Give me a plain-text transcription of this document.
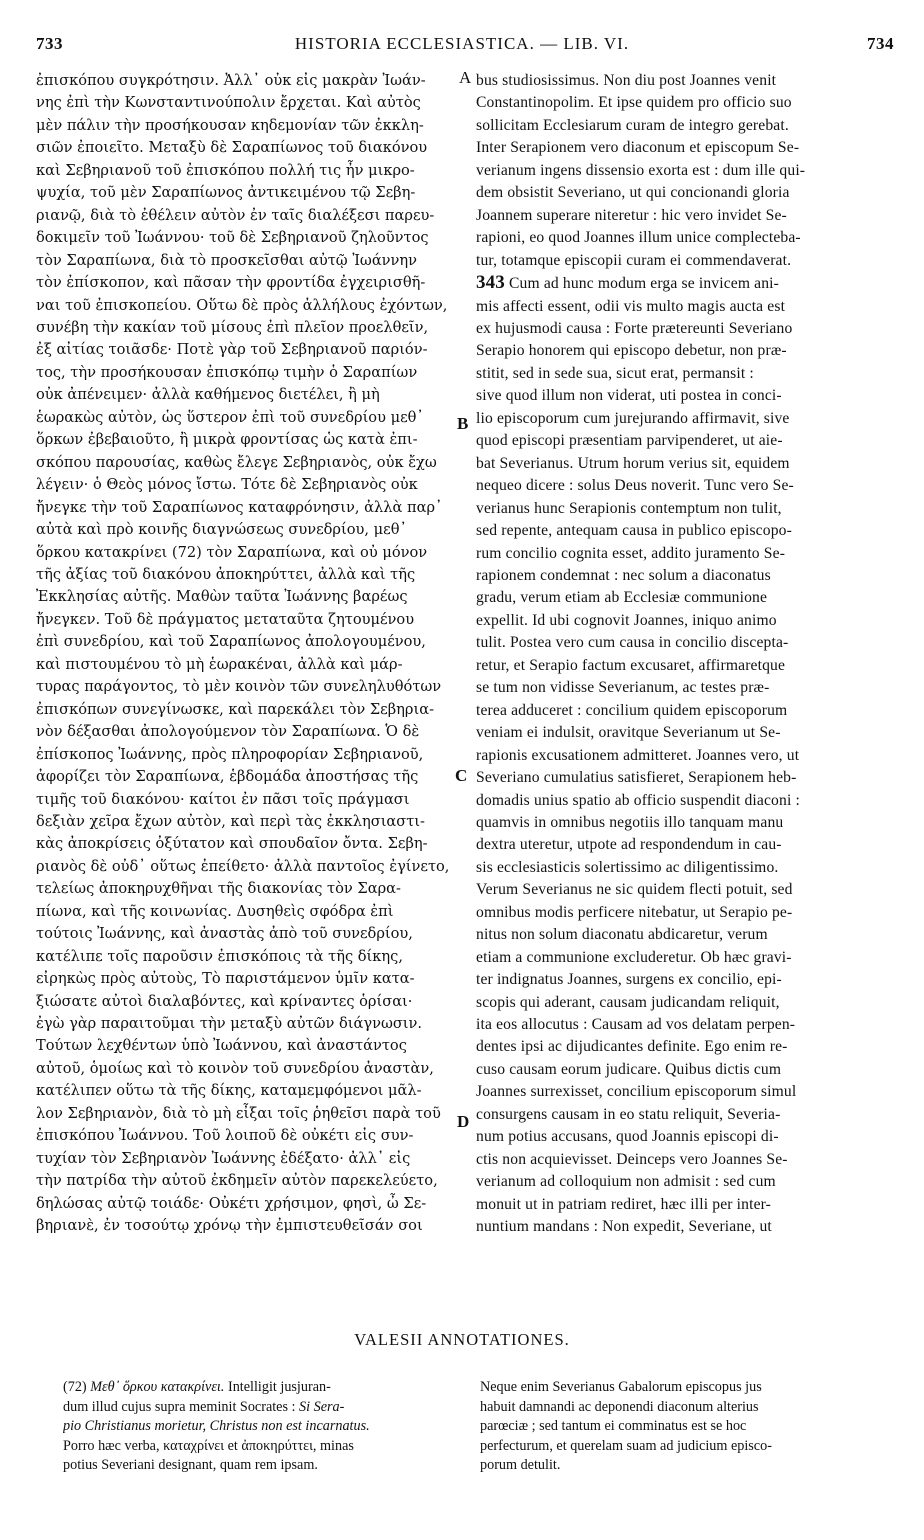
733	HISTORIA ECCLESIASTICA. — LIB. VI.	734
ἐπισκόπου συγκρότησιν. Ἀλλ᾽ οὐκ εἰς μακρὰν Ἰωάν-
νης ἐπὶ τὴν Κωνσταντινούπολιν ἔρχεται. Καὶ αὐτὸς
μὲν πάλιν τὴν προσήκουσαν κηδεμονίαν τῶν ἐκκλη-
σιῶν ἐποιεῖτο. Μεταξὺ δὲ Σαραπίωνος τοῦ διακόνου
καὶ Σεβηριανοῦ τοῦ ἐπισκόπου πολλή τις ἦν μικρο-
ψυχία, τοῦ μὲν Σαραπίωνος ἀντικειμένου τῷ Σεβη-
ριανῷ, διὰ τὸ ἐθέλειν αὐτὸν ἐν ταῖς διαλέξεσι παρευ-
δοκιμεῖν τοῦ Ἰωάννου· τοῦ δὲ Σεβηριανοῦ ζηλοῦντος
τὸν Σαραπίωνα, διὰ τὸ προσκεῖσθαι αὐτῷ Ἰωάννην
τὸν ἐπίσκοπον, καὶ πᾶσαν τὴν φροντίδα ἐγχειρισθῆ-
ναι τοῦ ἐπισκοπείου. Οὕτω δὲ πρὸς ἀλλήλους ἐχόντων,
συνέβη τὴν κακίαν τοῦ μίσους ἐπὶ πλεῖον προελθεῖν,
ἐξ αἰτίας τοιᾶσδε· Ποτὲ γὰρ τοῦ Σεβηριανοῦ παριόν-
τος, τὴν προσήκουσαν ἐπισκόπῳ τιμὴν ὁ Σαραπίων
οὐκ ἀπένειμεν· ἀλλὰ καθήμενος διετέλει, ἢ μὴ
ἑωρακὼς αὐτὸν, ὡς ὕστερον ἐπὶ τοῦ συνεδρίου μεθ᾽
ὅρκων ἐβεβαιοῦτο, ἢ μικρὰ φροντίσας ὡς κατὰ ἐπι-
σκόπου παρουσίας, καθὼς ἔλεγε Σεβηριανὸς, οὐκ ἔχω
λέγειν· ὁ Θεὸς μόνος ἴστω. Τότε δὲ Σεβηριανὸς οὐκ
ἤνεγκε τὴν τοῦ Σαραπίωνος καταφρόνησιν, ἀλλὰ παρ᾽
αὐτὰ καὶ πρὸ κοινῆς διαγνώσεως συνεδρίου, μεθ᾽
ὅρκου κατακρίνει (72) τὸν Σαραπίωνα, καὶ οὐ μόνον
τῆς ἀξίας τοῦ διακόνου ἀποκηρύττει, ἀλλὰ καὶ τῆς
Ἐκκλησίας αὐτῆς. Μαθὼν ταῦτα Ἰωάννης βαρέως
ἤνεγκεν. Τοῦ δὲ πράγματος μεταταῦτα ζητουμένου
ἐπὶ συνεδρίου, καὶ τοῦ Σαραπίωνος ἀπολογουμένου,
καὶ πιστουμένου τὸ μὴ ἑωρακέναι, ἀλλὰ καὶ μάρ-
τυρας παράγοντος, τὸ μὲν κοινὸν τῶν συνεληλυθότων
ἐπισκόπων συνεγίνωσκε, καὶ παρεκάλει τὸν Σεβηρια-
νὸν δέξασθαι ἀπολογούμενον τὸν Σαραπίωνα. Ὁ δὲ
ἐπίσκοπος Ἰωάννης, πρὸς πληροφορίαν Σεβηριανοῦ,
ἀφορίζει τὸν Σαραπίωνα, ἑβδομάδα ἀποστήσας τῆς
τιμῆς τοῦ διακόνου· καίτοι ἐν πᾶσι τοῖς πράγμασι
δεξιὰν χεῖρα ἔχων αὐτὸν, καὶ περὶ τὰς ἐκκλησιαστι-
κὰς ἀποκρίσεις ὀξύτατον καὶ σπουδαῖον ὄντα. Σεβη-
ριανὸς δὲ οὐδ᾽ οὕτως ἐπείθετο· ἀλλὰ παντοῖος ἐγίνετο,
τελείως ἀποκηρυχθῆναι τῆς διακονίας τὸν Σαρα-
πίωνα, καὶ τῆς κοινωνίας. Δυσηθεὶς σφόδρα ἐπὶ
τούτοις Ἰωάννης, καὶ ἀναστὰς ἀπὸ τοῦ συνεδρίου,
κατέλιπε τοῖς παροῦσιν ἐπισκόποις τὰ τῆς δίκης,
εἰρηκὼς πρὸς αὐτοὺς, Τὸ παριστάμενον ὑμῖν κατα-
ξιώσατε αὐτοὶ διαλαβόντες, καὶ κρίναντες ὁρίσαι·
ἐγὼ γὰρ παραιτοῦμαι τὴν μεταξὺ αὐτῶν διάγνωσιν.
Τούτων λεχθέντων ὑπὸ Ἰωάννου, καὶ ἀναστάντος
αὐτοῦ, ὁμοίως καὶ τὸ κοινὸν τοῦ συνεδρίου ἀναστὰν,
κατέλιπεν οὕτω τὰ τῆς δίκης, καταμεμφόμενοι μᾶλ-
λον Σεβηριανὸν, διὰ τὸ μὴ εἶξαι τοῖς ῥηθεῖσι παρὰ τοῦ
ἐπισκόπου Ἰωάννου. Τοῦ λοιποῦ δὲ οὐκέτι εἰς συν-
τυχίαν τὸν Σεβηριανὸν Ἰωάννης ἐδέξατο· ἀλλ᾽ εἰς
τὴν πατρίδα τὴν αὐτοῦ ἐκδημεῖν αὐτὸν παρεκελεύετο,
δηλώσας αὐτῷ τοιάδε· Οὐκέτι χρήσιμον, φησὶ, ὦ Σε-
βηριανὲ, ἐν τοσούτῳ χρόνῳ τὴν ἐμπιστευθεῖσάν σοι
A
B
C
D
bus studiosissimus. Non diu post Joannes venit
Constantinopolim. Et ipse quidem pro officio suo
sollicitam Ecclesiarum curam de integro gerebat.
Inter Serapionem vero diaconum et episcopum Se-
verianum ingens dissensio exorta est : dum ille qui-
dem obsistit Severiano, ut qui concionandi gloria
Joannem superare niteretur : hic vero invidet Se-
rapioni, eo quod Joannes illum unice complectebа-
tur, totamque episcopii curam ei commendaverat.
343 Cum ad hunc modum erga se invicem ani-
mis affecti essent, odii vis multo magis aucta est
ex hujusmodi causa : Forte prætereunti Severiano
Serapio honorem qui episcopo debetur, non præ-
stitit, sed in sede sua, sicut erat, permansit :
sive quod illum non viderat, uti postea in conci-
lio episcoporum cum jurejurando affirmavit, sive
quod episcopi præsentiam parvipenderet, ut aie-
bat Severianus. Utrum horum verius sit, equidem
nequeo dicere : solus Deus noverit. Tunc vero Se-
verianus hunc Serapionis contemptum non tulit,
sed repente, antequam causa in publico episcopo-
rum concilio cognita esset, addito juramento Se-
rapionem condemnat : nec solum a diaconatus
gradu, verum etiam ab Ecclesiæ communione
expellit. Id ubi cognovit Joannes, iniquo animo
tulit. Postea vero cum causa in concilio discepta-
retur, et Serapio factum excusaret, affirmaretque
se tum non vidisse Severianum, ac testes præ-
terea adduceret : concilium quidem episcoporum
veniam ei indulsit, oravitque Severianum ut Se-
rapionis excusationem admitteret. Joannes vero, ut
Severiano cumulatius satisfieret, Serapionem heb-
domadis unius spatio ab officio suspendit diaconi :
quamvis in omnibus negotiis illo tanquam manu
dextra uteretur, utpote ad respondendum in cau-
sis ecclesiasticis solertissimo ac diligentissimo.
Verum Severianus ne sic quidem flecti potuit, sed
omnibus modis perficere nitebatur, ut Serapio pe-
nitus non solum diaconatu abdicaretur, verum
etiam a communione excluderetur. Ob hæc gravi-
ter indignatus Joannes, surgens ex concilio, epi-
scopis qui aderant, causam judicandam reliquit,
ita eos allocutus : Causam ad vos delatam perpen-
dentes ipsi ac dijudicantes definite. Ego enim re-
cuso causam eorum judicare. Quibus dictis cum
Joannes surrexisset, concilium episcoporum simul
consurgens causam in eo statu reliquit, Severia-
num potius accusans, quod Joannis episcopi di-
ctis non acquievisset. Deinceps vero Joannes Se-
verianum ad colloquium non admisit : sed cum
monuit ut in patriam rediret, hæc illi per inter-
nuntium mandans : Non expedit, Severiane, ut
VALESII ANNOTATIONES.
(72) Μεθ᾽ ὅρκου κατακρίνει. Intelligit jusjuran-
dum illud cujus supra meminit Socrates : Si Sera-
pio Christianus morietur, Christus non est incarnatus.
Porro hæc verba, καταχρίνει et ἀποκηρύττει, minas
potius Severiani designant, quam rem ipsam.
Neque enim Severianus Gabalorum episcopus jus
habuit damnandi ac deponendi diaconum alterius
parœciæ ; sed tantum ei comminatus est se hoc
perfecturum, et querelam suam ad judicium episco-
porum detulit.
